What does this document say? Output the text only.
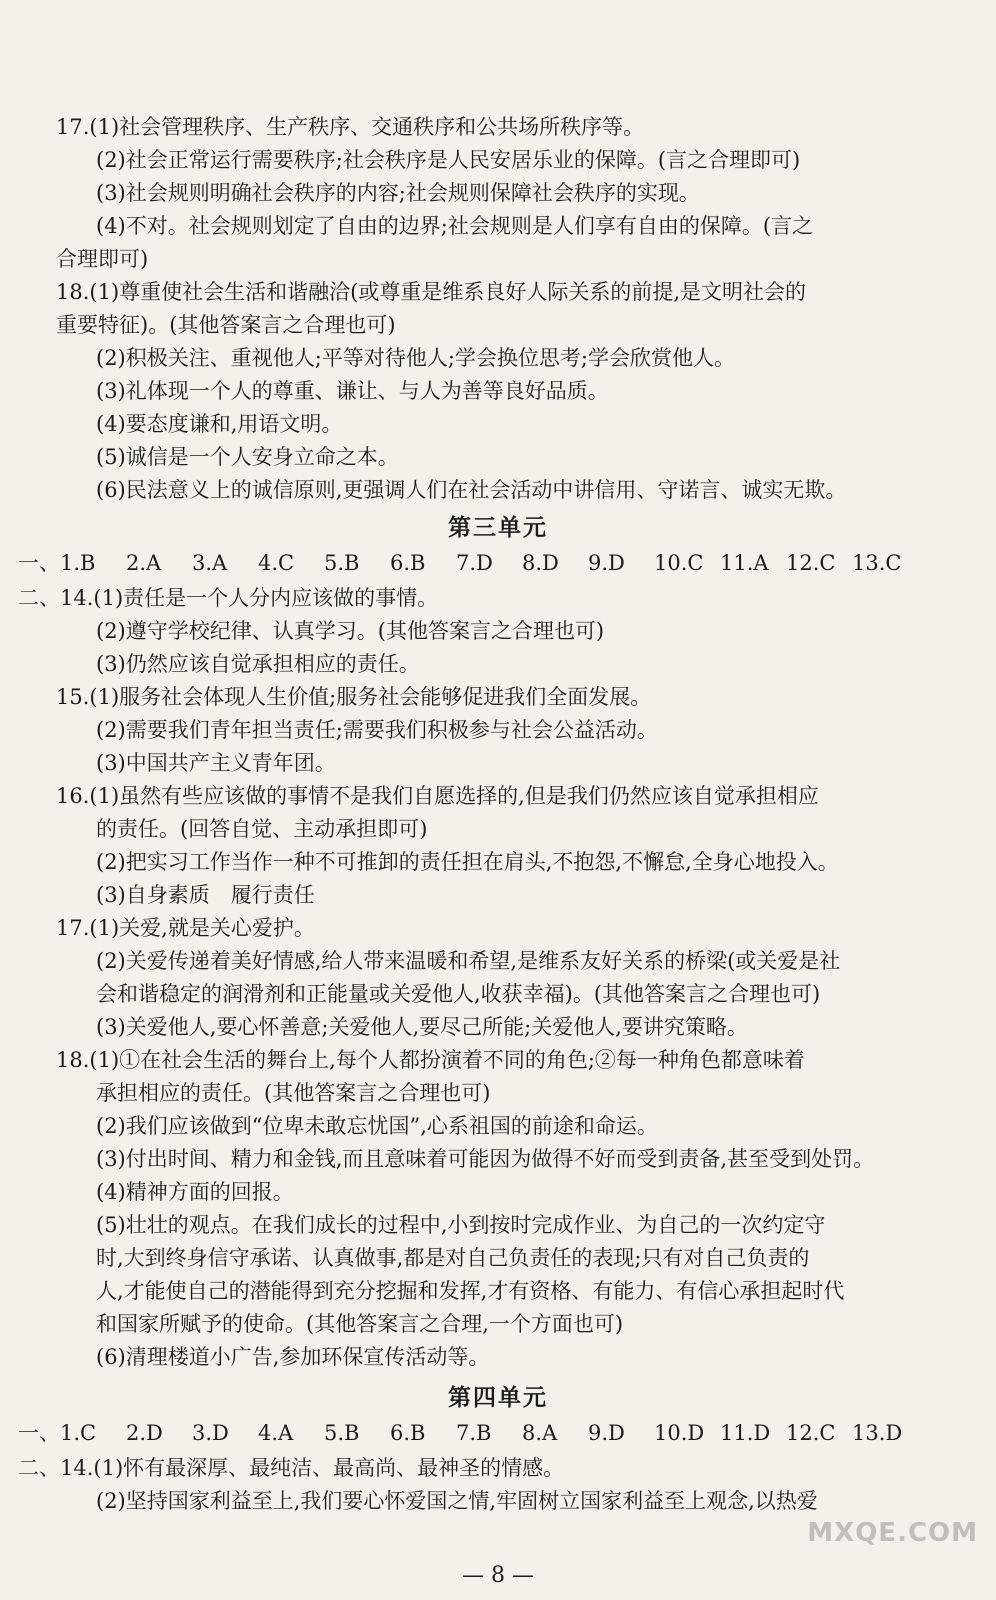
17.(1)社会管理秩序、生产秩序、交通秩序和公共场所秩序等。
(2)社会正常运行需要秩序;社会秩序是人民安居乐业的保障。(言之合理即可)
(3)社会规则明确社会秩序的内容;社会规则保障社会秩序的实现。
(4)不对。社会规则划定了自由的边界;社会规则是人们享有自由的保障。(言之
合理即可)
18.(1)尊重使社会生活和谐融洽(或尊重是维系良好人际关系的前提,是文明社会的
重要特征)。(其他答案言之合理也可)
(2)积极关注、重视他人;平等对待他人;学会换位思考;学会欣赏他人。
(3)礼体现一个人的尊重、谦让、与人为善等良好品质。
(4)要态度谦和,用语文明。
(5)诚信是一个人安身立命之本。
(6)民法意义上的诚信原则,更强调人们在社会活动中讲信用、守诺言、诚实无欺。
第三单元
一、 1.B	2.A	3.A	4.C	5.B	6.B	7.D	8.D	9.D	10.C 11.A 12.C 13.C
二、14.(1)责任是一个人分内应该做的事情。
(2)遵守学校纪律、认真学习。(其他答案言之合理也可)
(3)仍然应该自觉承担相应的责任。
15.(1)服务社会体现人生价值;服务社会能够促进我们全面发展。
(2)需要我们青年担当责任;需要我们积极参与社会公益活动。
(3)中国共产主义青年团。
16.(1)虽然有些应该做的事情不是我们自愿选择的,但是我们仍然应该自觉承担相应
的责任。(回答自觉、主动承担即可)
(2)把实习工作当作一种不可推卸的责任担在肩头,不抱怨,不懈怠,全身心地投入。
(3)自身素质　履行责任
17.(1)关爱,就是关心爱护。
(2)关爱传递着美好情感,给人带来温暖和希望,是维系友好关系的桥梁(或关爱是社
会和谐稳定的润滑剂和正能量或关爱他人,收获幸福)。(其他答案言之合理也可)
(3)关爱他人,要心怀善意;关爱他人,要尽己所能;关爱他人,要讲究策略。
18.(1)①在社会生活的舞台上,每个人都扮演着不同的角色;②每一种角色都意味着
承担相应的责任。(其他答案言之合理也可)
(2)我们应该做到“位卑未敢忘忧国”,心系祖国的前途和命运。
(3)付出时间、精力和金钱,而且意味着可能因为做得不好而受到责备,甚至受到处罚。
(4)精神方面的回报。
(5)壮壮的观点。在我们成长的过程中,小到按时完成作业、为自己的一次约定守
时,大到终身信守承诺、认真做事,都是对自己负责任的表现;只有对自己负责的
人,才能使自己的潜能得到充分挖掘和发挥,才有资格、有能力、有信心承担起时代
和国家所赋予的使命。(其他答案言之合理,一个方面也可)
(6)清理楼道小广告,参加环保宣传活动等。
第四单元
一、 1.C	2.D	3.D	4.A	5.B	6.B	7.B	8.A	9.D	10.D 11.D 12.C 13.D
二、14.(1)怀有最深厚、最纯洁、最高尚、最神圣的情感。
(2)坚持国家利益至上,我们要心怀爱国之情,牢固树立国家利益至上观念,以热爱
— 8 —
MXQE.COM
